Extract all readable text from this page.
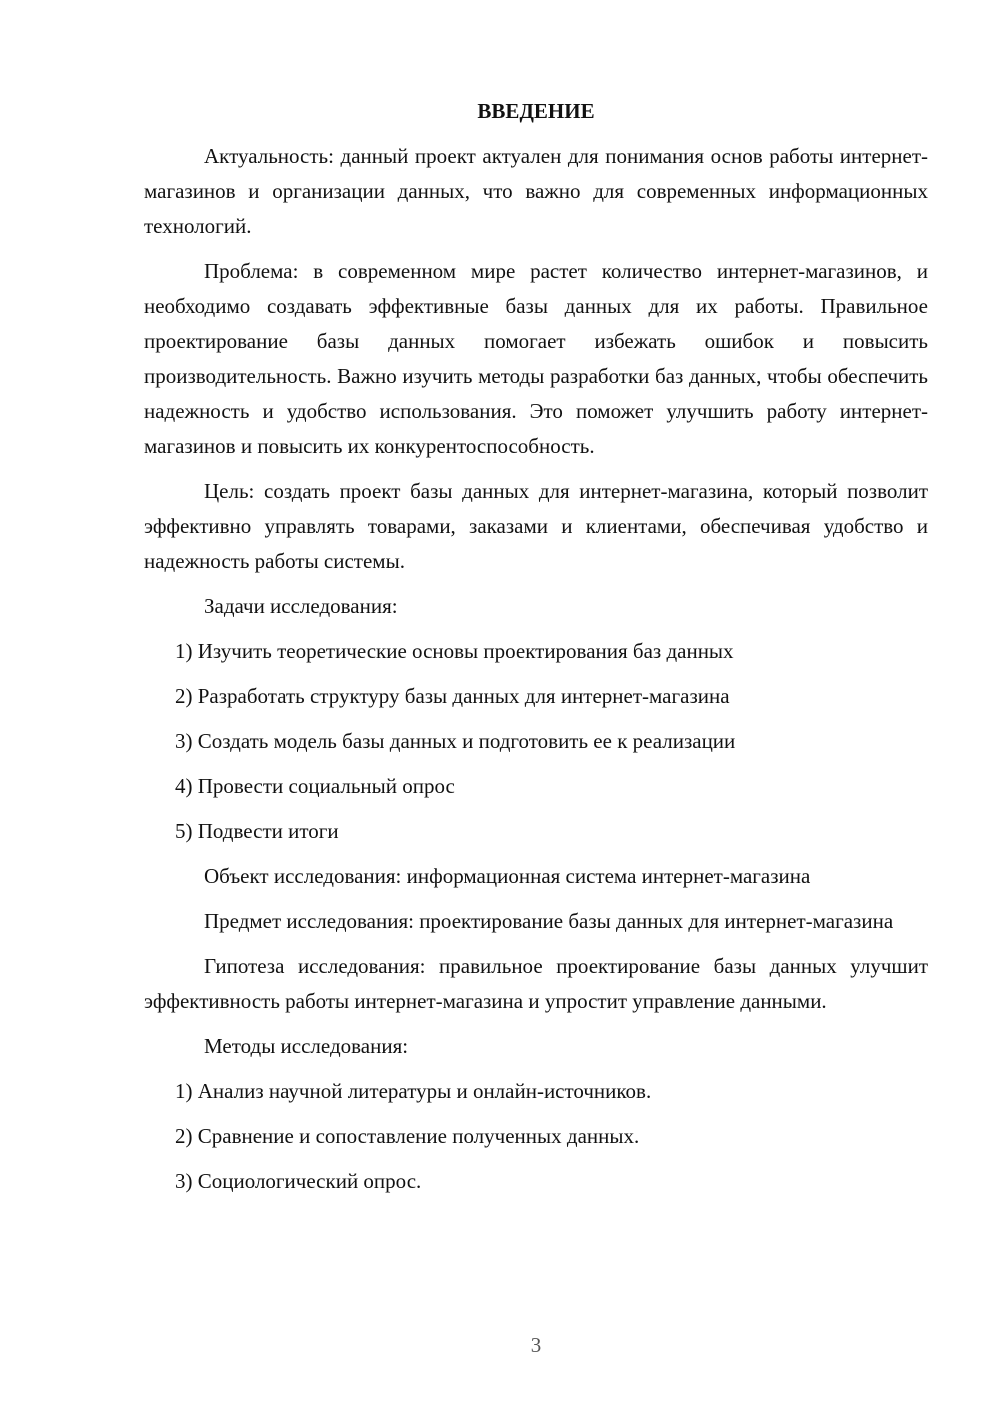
ВВЕДЕНИЕ

Актуальность: данный проект актуален для понимания основ работы интернет-магазинов и организации данных, что важно для современных информационных технологий.

Проблема: в современном мире растет количество интернет-магазинов, и необходимо создавать эффективные базы данных для их работы. Правильное проектирование базы данных помогает избежать ошибок и повысить производительность. Важно изучить методы разработки баз данных, чтобы обеспечить надежность и удобство использования. Это поможет улучшить работу интернет-магазинов и повысить их конкурентоспособность.

Цель: создать проект базы данных для интернет-магазина, который позволит эффективно управлять товарами, заказами и клиентами, обеспечивая удобство и надежность работы системы.

Задачи исследования:

1) Изучить теоретические основы проектирования баз данных
2) Разработать структуру базы данных для интернет-магазина
3) Создать модель базы данных и подготовить ее к реализации
4) Провести социальный опрос
5) Подвести итоги

Объект исследования: информационная система интернет-магазина

Предмет исследования: проектирование базы данных для интернет-магазина

Гипотеза исследования: правильное проектирование базы данных улучшит эффективность работы интернет-магазина и упростит управление данными.

Методы исследования:

1) Анализ научной литературы и онлайн-источников.
2) Сравнение и сопоставление полученных данных.
3) Социологический опрос.
3
